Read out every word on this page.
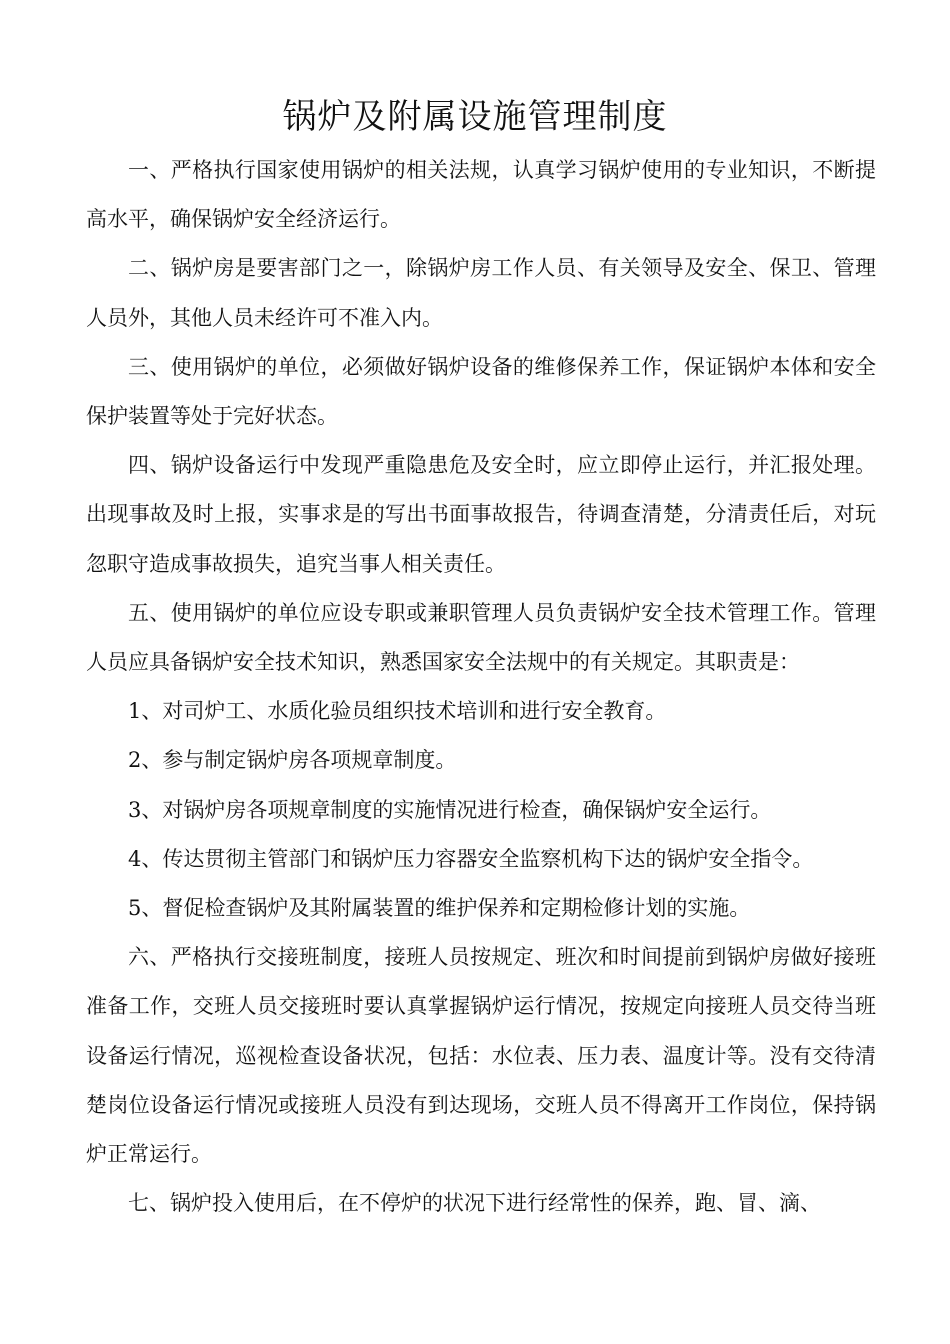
锅炉及附属设施管理制度

一、严格执行国家使用锅炉的相关法规，认真学习锅炉使用的专业知识，不断提高水平，确保锅炉安全经济运行。

二、锅炉房是要害部门之一，除锅炉房工作人员、有关领导及安全、保卫、管理人员外，其他人员未经许可不准入内。

三、使用锅炉的单位，必须做好锅炉设备的维修保养工作，保证锅炉本体和安全保护装置等处于完好状态。

四、锅炉设备运行中发现严重隐患危及安全时，应立即停止运行，并汇报处理。出现事故及时上报，实事求是的写出书面事故报告，待调查清楚，分清责任后，对玩忽职守造成事故损失，追究当事人相关责任。

五、使用锅炉的单位应设专职或兼职管理人员负责锅炉安全技术管理工作。管理人员应具备锅炉安全技术知识，熟悉国家安全法规中的有关规定。其职责是：

1、对司炉工、水质化验员组织技术培训和进行安全教育。

2、参与制定锅炉房各项规章制度。

3、对锅炉房各项规章制度的实施情况进行检查，确保锅炉安全运行。

4、传达贯彻主管部门和锅炉压力容器安全监察机构下达的锅炉安全指令。

5、督促检查锅炉及其附属装置的维护保养和定期检修计划的实施。

六、严格执行交接班制度，接班人员按规定、班次和时间提前到锅炉房做好接班准备工作，交班人员交接班时要认真掌握锅炉运行情况，按规定向接班人员交待当班设备运行情况，巡视检查设备状况，包括：水位表、压力表、温度计等。没有交待清楚岗位设备运行情况或接班人员没有到达现场，交班人员不得离开工作岗位，保持锅炉正常运行。

七、锅炉投入使用后，在不停炉的状况下进行经常性的保养，跑、冒、滴、
